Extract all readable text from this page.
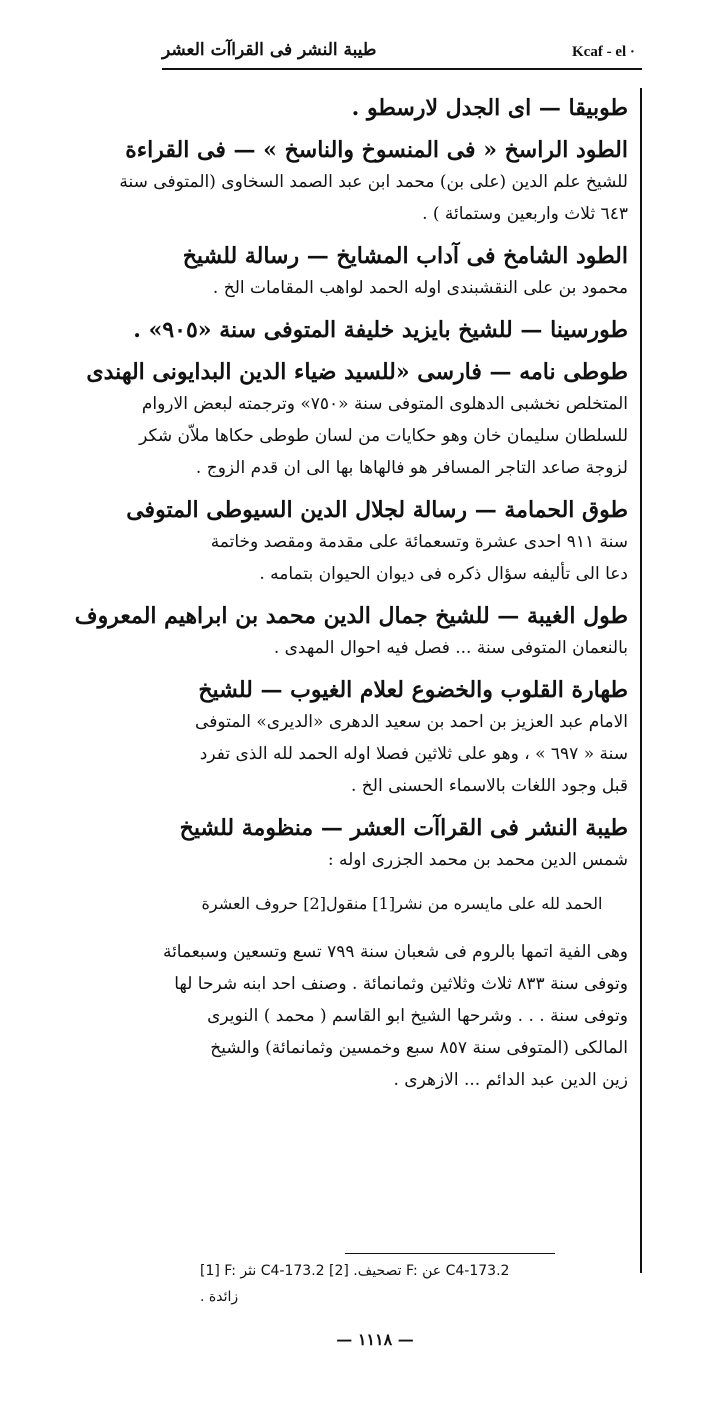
طيبة النشر فى القراآت العشر	Kcaf - el ·
طوبيقا — اى الجدل لارسطو .
الطود الراسخ « فى المنسوخ والناسخ » — فى القراءة
للشيخ علم الدين (على بن) محمد ابن عبد الصمد السخاوى (المتوفى سنة
٦٤٣ ثلاث واربعين وستمائة ) .
الطود الشامخ فى آداب المشايخ — رسالة للشيخ
محمود بن على النقشبندى اوله الحمد لواهب المقامات الخ .
طورسينا — للشيخ بايزيد خليفة المتوفى سنة «٩٠٥» .
طوطى نامه — فارسى «للسيد ضياء الدين البدايونى الهندى
المتخلص نخشبى الدهلوى المتوفى سنة «٧٥٠» وترجمته لبعض الاروام
للسلطان سليمان خان وهو حكايات من لسان طوطى حكاها ملاّن شكر
لزوجة صاعد التاجر المسافر هو فالهاها بها الى ان قدم الزوج .
طوق الحمامة — رسالة لجلال الدين السيوطى المتوفى
سنة ٩١١ احدى عشرة وتسعمائة على مقدمة ومقصد وخاتمة
دعا الى تأليفه سؤال ذكره فى ديوان الحيوان بتمامه .
طول الغيبة — للشيخ جمال الدين محمد بن ابراهيم المعروف
بالنعمان المتوفى سنة ... فصل فيه احوال المهدى .
طهارة القلوب والخضوع لعلام الغيوب — للشيخ
الامام عبد العزيز بن احمد بن سعيد الدهرى «الديرى» المتوفى
سنة « ٦٩٧ » ، وهو على ثلاثين فصلا اوله الحمد لله الذى تفرد
قبل وجود اللغات بالاسماء الحسنى الخ .
طيبة النشر فى القراآت العشر — منظومة للشيخ
شمس الدين محمد بن محمد الجزرى اوله :
الحمد لله على مايسره من نشر[1] منقول[2] حروف العشرة
وهى الفية اتمها بالروم فى شعبان سنة ٧٩٩ تسع وتسعين وسبعمائة
وتوفى سنة ٨٣٣ ثلاث وثلاثين وثمانمائة . وصنف احد ابنه شرحا لها
وتوفى سنة . . . وشرحها الشيخ ابو القاسم ( محمد ) النويرى
المالكى (المتوفى سنة ٨٥٧ سبع وخمسين وثمانمائة) والشيخ
زين الدين عبد الدائم ... الازهرى .
[1] F: نثر C4-173.2 تصحيف. [2] F: عن C4-173.2
زائدة .
— ١١١٨ —
